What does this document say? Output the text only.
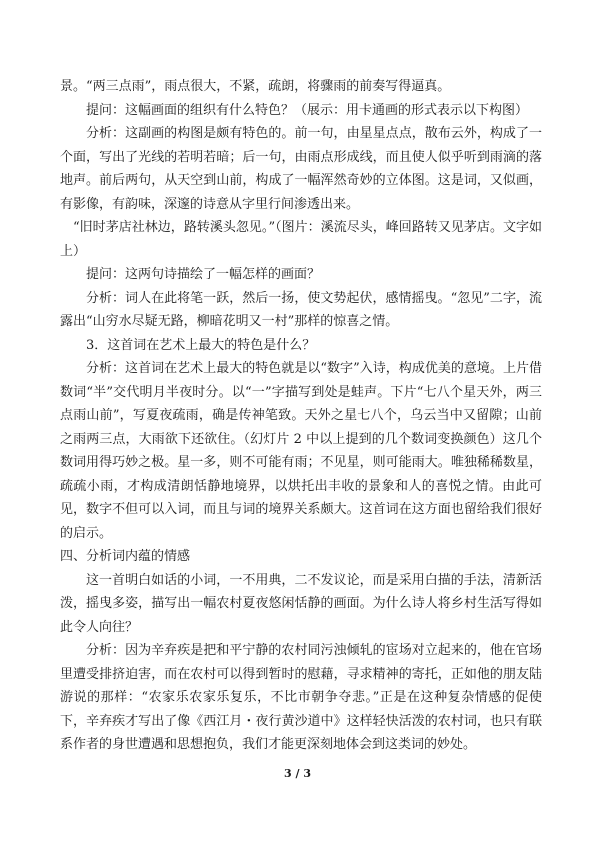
景。“两三点雨”，雨点很大，不紧，疏朗，将骤雨的前奏写得逼真。

提问：这幅画面的组织有什么特色？（展示：用卡通画的形式表示以下构图）

分析：这副画的构图是颇有特色的。前一句，由星星点点，散布云外，构成了一个面，写出了光线的若明若暗；后一句，由雨点形成线，而且使人似乎听到雨滴的落地声。前后两句，从天空到山前，构成了一幅浑然奇妙的立体图。这是词，又似画，有影像，有韵味，深邃的诗意从字里行间渗透出来。

“旧时茅店社林边，路转溪头忽见。”（图片：溪流尽头，峰回路转又见茅店。文字如上）

提问：这两句诗描绘了一幅怎样的画面？

分析：词人在此将笔一跃，然后一扬，使文势起伏，感情摇曳。“忽见”二字，流露出“山穷水尽疑无路，柳暗花明又一村”那样的惊喜之情。

3．这首词在艺术上最大的特色是什么？

分析：这首词在艺术上最大的特色就是以“数字”入诗，构成优美的意境。上片借数词“半”交代明月半夜时分。以“一”字描写到处是蛙声。下片“七八个星天外，两三点雨山前”，写夏夜疏雨，确是传神笔致。天外之星七八个，乌云当中又留隙；山前之雨两三点，大雨欲下还欲住。（幻灯片 2 中以上提到的几个数词变换颜色）这几个数词用得巧妙之极。星一多，则不可能有雨；不见星，则可能雨大。唯独稀稀数星，疏疏小雨，才构成清朗恬静地境界，以烘托出丰收的景象和人的喜悦之情。由此可见，数字不但可以入词，而且与词的境界关系颇大。这首词在这方面也留给我们很好的启示。

四、分析词内蕴的情感

这一首明白如话的小词，一不用典，二不发议论，而是采用白描的手法，清新活泼，摇曳多姿，描写出一幅农村夏夜悠闲恬静的画面。为什么诗人将乡村生活写得如此令人向往？

分析：因为辛弃疾是把和平宁静的农村同污浊倾轧的宦场对立起来的，他在官场里遭受排挤迫害，而在农村可以得到暂时的慰藉，寻求精神的寄托，正如他的朋友陆游说的那样：“农家乐农家乐复乐，不比市朝争夺悲。”正是在这种复杂情感的促使下，辛弃疾才写出了像《西江月・夜行黄沙道中》这样轻快活泼的农村词，也只有联系作者的身世遭遇和思想抱负，我们才能更深刻地体会到这类词的妙处。

3 / 3
